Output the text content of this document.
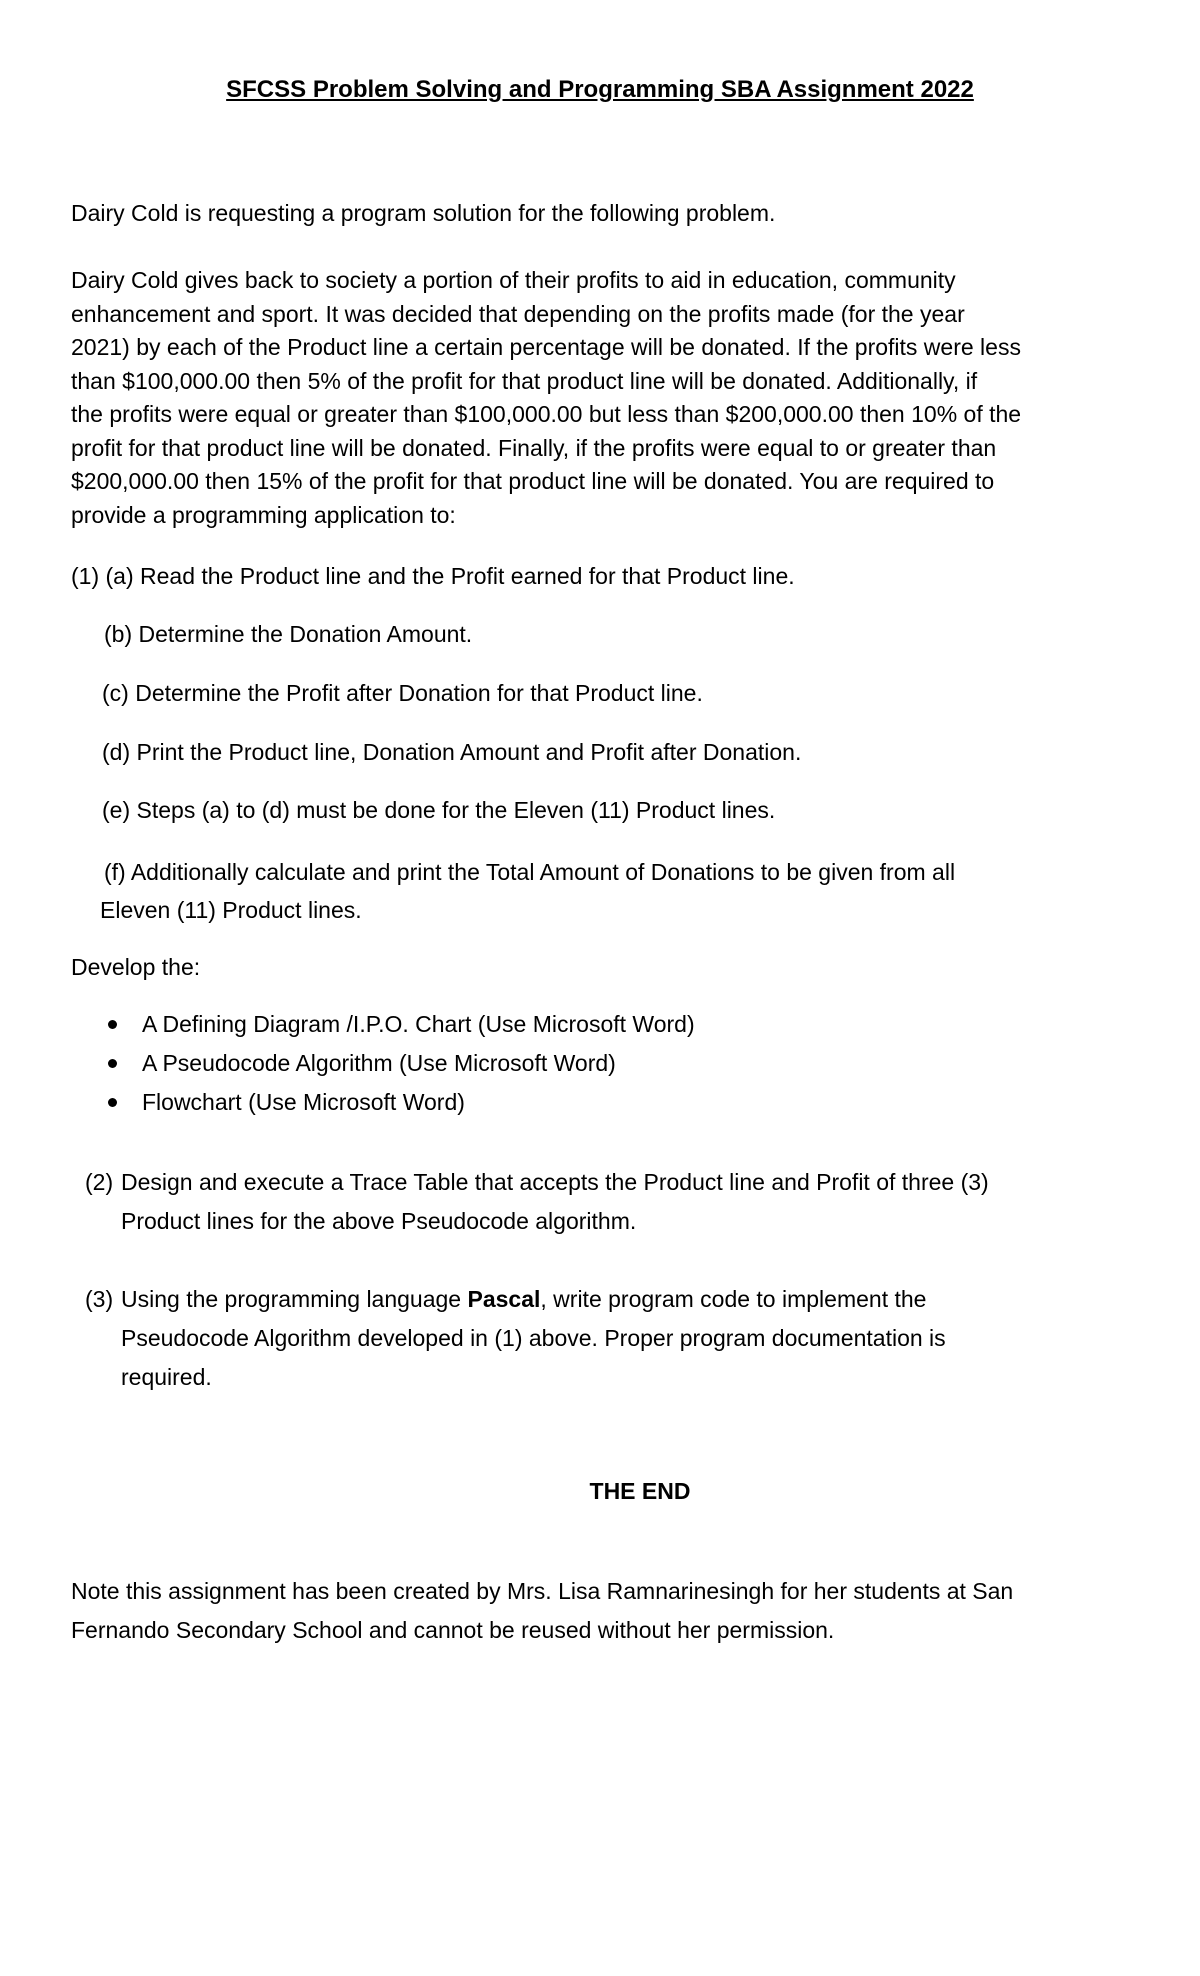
SFCSS Problem Solving and Programming SBA Assignment 2022
Dairy Cold is requesting a program solution for the following problem.
Dairy Cold gives back to society a portion of their profits to aid in education, community
enhancement and sport. It was decided that depending on the profits made (for the year
2021) by each of the Product line a certain percentage will be donated. If the profits were less
than $100,000.00 then 5% of the profit for that product line will be donated. Additionally, if
the profits were equal or greater than $100,000.00 but less than $200,000.00 then 10% of the
profit for that product line will be donated. Finally, if the profits were equal to or greater than
$200,000.00 then 15% of the profit for that product line will be donated. You are required to
provide a programming application to:
(1) (a) Read the Product line and the Profit earned for that Product line.
(b) Determine the Donation Amount.
(c) Determine the Profit after Donation for that Product line.
(d) Print the Product line, Donation Amount and Profit after Donation.
(e) Steps (a) to (d) must be done for the Eleven (11) Product lines.
(f) Additionally calculate and print the Total Amount of Donations to be given from all
Eleven (11) Product lines.
Develop the:
A Defining Diagram /I.P.O. Chart (Use Microsoft Word)
A Pseudocode Algorithm (Use Microsoft Word)
Flowchart (Use Microsoft Word)
(2) Design and execute a Trace Table that accepts the Product line and Profit of three (3)
Product lines for the above Pseudocode algorithm.
(3) Using the programming language Pascal, write program code to implement the
Pseudocode Algorithm developed in (1) above. Proper program documentation is
required.
THE END
Note this assignment has been created by Mrs. Lisa Ramnarinesingh for her students at San
Fernando Secondary School and cannot be reused without her permission.
